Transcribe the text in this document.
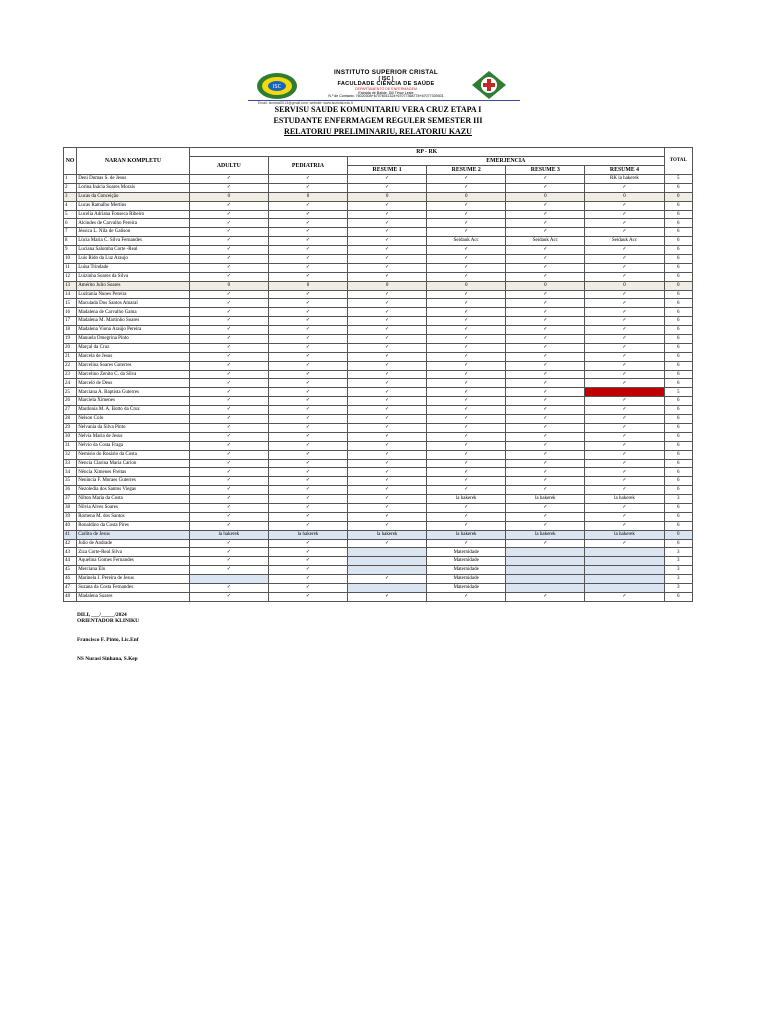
ISC
INSTITUTO SUPERIOR CRISTAL
( ISC )
FACULDADE CIÊNCIA DE SAÚDE
DEPARTAMENTO DE ENFERMAGEM
Estrada de Balide, Dili Timor Leste
N.º de Contacto: 76020308+67076011324+67077368778+67077339301
Email: iscristal2013@gmail.com; website: www.iscristal.edu.tl
SERVISU SAUDE KOMUNITARIU VERA CRUZ ETAPA I
ESTUDANTE ENFERMAGEM REGULER SEMESTER III
RELATORIU PRELIMINARIU, RELATORIU KAZU
NO	NARAN KOMPLETU	RP - RK						TOTAL
		ADULTU	PEDIATRIA	EMERJENCIA				
				RESUME 1	RESUME 2	RESUME 3	RESUME 4	
1	Deni Dumas S. de Jesus	✓	✓	✓	✓	✓	RK la hakerek	5
2	Lorina Inácia Soares Morais	✓	✓	✓	✓	✓	✓	6
3	Lucas da Conceição	0	0	0	0	0	0	0
4	Lucas Ramalho Mertins	✓	✓	✓	✓	✓	✓	6
5	Lucelia Adriana Fonseca Ribeiro	✓	✓	✓	✓	✓	✓	6
6	Alcindes de Carvalho Pereira	✓	✓	✓	✓	✓	✓	6
7	Jéssica L. Nila de Galison	✓	✓	✓	✓	✓	✓	6
8	Lúcia Maria C. Silva Fernandes	✓	✓	✓	Seidauk Acc	Seidauk Acc	Seidauk Acc	6
9	Luciana Salomba Corte -Real	✓	✓	✓	✓	✓	✓	6
10	Luis Rido da Luz Araujo	✓	✓	✓	✓	✓	✓	6
11	Luisa Trindade	✓	✓	✓	✓	✓	✓	6
12	Luizinha Soares da Silva	✓	✓	✓	✓	✓	✓	6
13	Amérito Julio Soares	0	0	0	0	0	0	0
14	Luzitania Nunes Pereira	✓	✓	✓	✓	✓	✓	6
15	Maculada Dos Santos Amaral	✓	✓	✓	✓	✓	✓	6
16	Madalena de Carvalho Gama	✓	✓	✓	✓	✓	✓	6
17	Madalena M. Martinho Soares	✓	✓	✓	✓	✓	✓	6
18	Madalena Viona Araújo Pereira	✓	✓	✓	✓	✓	✓	6
19	Manuela Omegrina Pinto	✓	✓	✓	✓	✓	✓	6
20	Marçal da Cruz	✓	✓	✓	✓	✓	✓	6
21	Marcela de Jesus	✓	✓	✓	✓	✓	✓	6
22	Marcelina Soares Guterres	✓	✓	✓	✓	✓	✓	6
23	Marcelino Zenito C. da Silva	✓	✓	✓	✓	✓	✓	6
24	Marcelo de Deus	✓	✓	✓	✓	✓	✓	6
25	Marciana A. Baptista Guterres	✓	✓	✓	✓	✓		5
26	Marciela Ximenes	✓	✓	✓	✓	✓	✓	6
27	Mardonia M. A. Botto da Cruz	✓	✓	✓	✓	✓	✓	6
28	Nelson Colo	✓	✓	✓	✓	✓	✓	6
29	Nelvania da Silva Pinto	✓	✓	✓	✓	✓	✓	6
30	Nelvia Maria de Jesus	✓	✓	✓	✓	✓	✓	6
31	Nelvio da Costa Fraga	✓	✓	✓	✓	✓	✓	6
32	Nemisio do Rosário da Costa	✓	✓	✓	✓	✓	✓	6
33	Nencia Clarina Maria Carion	✓	✓	✓	✓	✓	✓	6
34	Nência Ximenes Freitas	✓	✓	✓	✓	✓	✓	6
35	Nenincia F. Moraes Guterres	✓	✓	✓	✓	✓	✓	6
36	Nezoledia dos Santos Viegas	✓	✓	✓	✓	✓	✓	6
37	Nilton Maria da Costa	✓	✓	✓	la hakerek	la hakerek	la hakerek	3
38	Nilvia Alves Soares	✓	✓	✓	✓	✓	✓	6
39	Romena M. dos Santos	✓	✓	✓	✓	✓	✓	6
40	Ronaldino da Costa Pires	✓	✓	✓	✓	✓	✓	6
41	Carlito de Jesus	la hakerek	la hakerek	la hakerek	la hakerek	la hakerek	la hakerek	0
42	Julio de Andrade	✓	✓	✓	✓	✓	✓	6
43	Ziza Corte-Real Silva	✓	✓		Maternidade			3
44	Aquelina Gomes Fernandes	✓	✓		Maternidade			3
45	Merciana Elo	✓	✓		Maternidade			3
46	Marinela J. Pereira de Jesus		✓	✓	Maternidade			3
47	Suzana da Costa Fernandes	✓	✓		Maternidade			3
48	Madalena Soares	✓	✓	✓	✓	✓	✓	6
DILI, ___/_____/2024
ORIENTADOR KLINIKU
Francisco F. Pinto, Lic.Enf
NS Nurasi Sinhana, S.Kep
